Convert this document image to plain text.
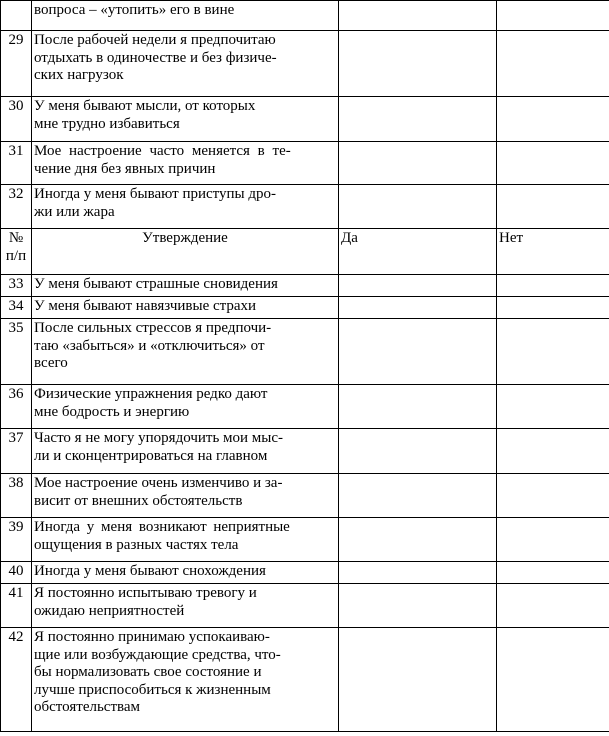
	вопроса – «утопить» его в вине		

29	После рабочей недели я предпочитаю
отдыхать в одиночестве и без физиче-
ских нагрузок		

30	У меня бывают мысли, от которых
мне трудно избавиться		

31	Мое настроение часто меняется в те-
чение дня без явных причин		

32	Иногда у меня бывают приступы дро-
жи или жара		

№
п/п	Утверждение	Да	Нет
33	У меня бывают страшные сновидения		

34	У меня бывают навязчивые страхи		

35	После сильных стрессов я предпочи-
таю «забыться» и «отключиться» от
всего		

36	Физические упражнения редко дают
мне бодрость и энергию		

37	Часто я не могу упорядочить мои мыс-
ли и сконцентрироваться на главном		

38	Мое настроение очень изменчиво и за-
висит от внешних обстоятельств		

39	Иногда у меня возникают неприятные
ощущения в разных частях тела		

40	Иногда у меня бывают снохождения		

41	Я постоянно испытываю тревогу и
ожидаю неприятностей		

42	Я постоянно принимаю успокаиваю-
щие или возбуждающие средства, что-
бы нормализовать свое состояние и
лучше приспособиться к жизненным
обстоятельствам		
